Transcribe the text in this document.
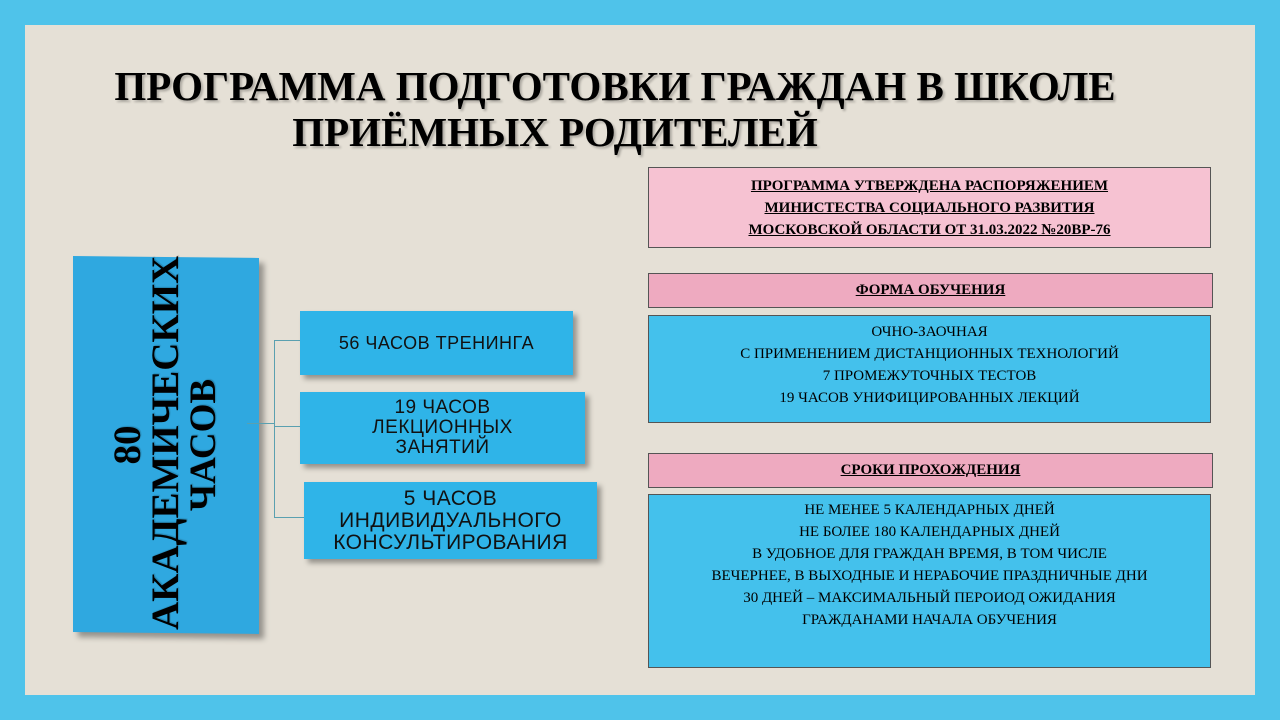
ПРОГРАММА ПОДГОТОВКИ ГРАЖДАН В ШКОЛЕ
ПРИЁМНЫХ РОДИТЕЛЕЙ
80 АКАДЕМИЧЕСКИХ
ЧАСОВ
56 ЧАСОВ ТРЕНИНГА
19 ЧАСОВ
ЛЕКЦИОННЫХ
ЗАНЯТИЙ
5 ЧАСОВ
ИНДИВИДУАЛЬНОГО
КОНСУЛЬТИРОВАНИЯ
ПРОГРАММА УТВЕРЖДЕНА РАСПОРЯЖЕНИЕМ
МИНИСТЕСТВА СОЦИАЛЬНОГО РАЗВИТИЯ
МОСКОВСКОЙ ОБЛАСТИ ОТ 31.03.2022 №20ВР-76
ФОРМА ОБУЧЕНИЯ
ОЧНО-ЗАОЧНАЯ
С ПРИМЕНЕНИЕМ ДИСТАНЦИОННЫХ ТЕХНОЛОГИЙ
7 ПРОМЕЖУТОЧНЫХ ТЕСТОВ
19 ЧАСОВ УНИФИЦИРОВАННЫХ ЛЕКЦИЙ
СРОКИ ПРОХОЖДЕНИЯ
НЕ МЕНЕЕ 5 КАЛЕНДАРНЫХ ДНЕЙ
НЕ БОЛЕЕ 180 КАЛЕНДАРНЫХ ДНЕЙ
В УДОБНОЕ ДЛЯ ГРАЖДАН ВРЕМЯ, В ТОМ ЧИСЛЕ
ВЕЧЕРНЕЕ, В ВЫХОДНЫЕ И НЕРАБОЧИЕ ПРАЗДНИЧНЫЕ ДНИ
30 ДНЕЙ – МАКСИМАЛЬНЫЙ ПЕРОИОД ОЖИДАНИЯ
ГРАЖДАНАМИ НАЧАЛА ОБУЧЕНИЯ
